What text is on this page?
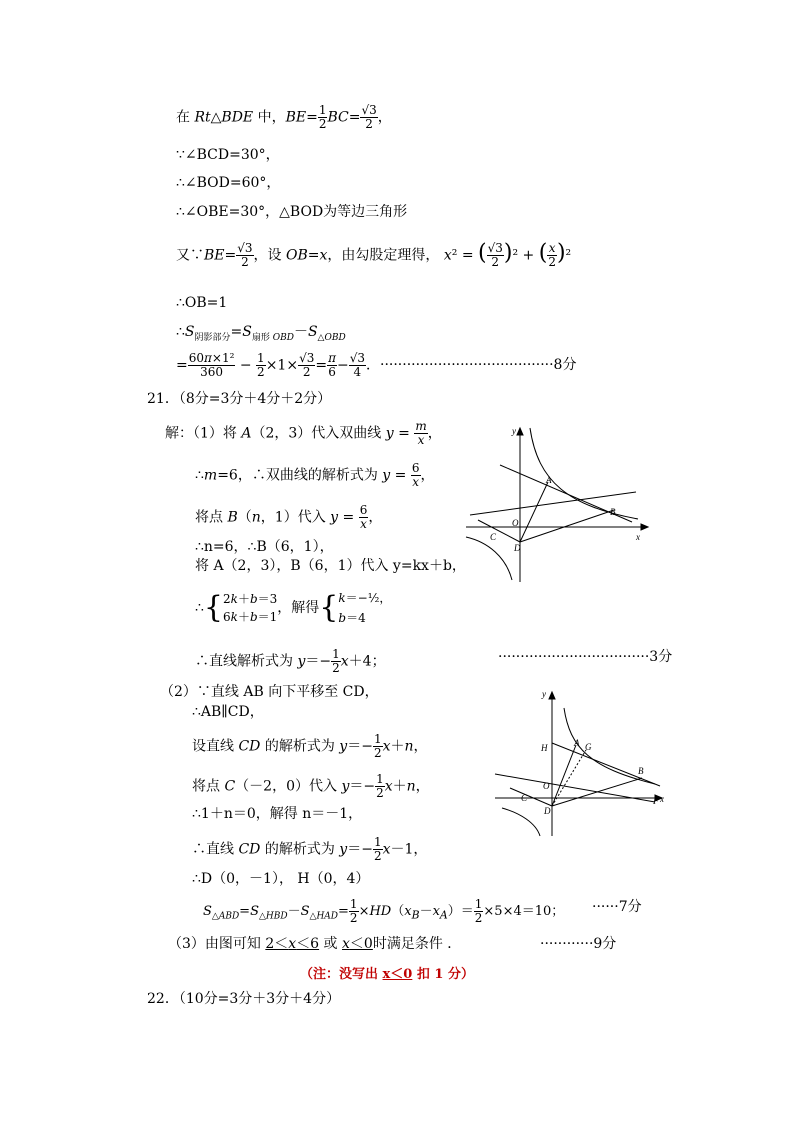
在 Rt△BDE 中，$BE= \frac{1}{2} BC= \frac{√3}{2}$ ，
∵∠BCD=30°，
∴∠BOD=60°，
∴∠OBE=30°，△BOD为等边三角形
又∵BE= $\frac{√3}{2}$ ，设 OB=x，由勾股定理得， x² = ( $\frac{√3}{2} )^2$ + ( $\frac{x}{2} )^2$
∴OB=1
$\therefore S_{阴影部分}=S_{扇形 OBD}-S_{\triangle OBD}$
= $\frac{\text{60π×1²}}{360} - \frac{1}{2} \times 1\times \frac{√3}{2} = \frac{\pi}{6} - \frac{√3}{4}$ ． ·······································8分
21．（8分=3分＋4分＋2分）
解：（1）将 A（2，3）代入双曲线 $y = \frac{m}{x}$ ，
∴m=6，∴双曲线的解析式为 $y = \frac{6}{x}$ ，
将点 B（n，1）代入 $y = \frac{6}{x}$ ，
∴n=6，∴B（6，1），
将 A（2，3），B（6，1）代入 y=kx＋b，
∴{2k＋b＝3
6k＋b＝1，解得{k＝−½，
b＝4
∴直线解析式为 $y=- \frac{1}{2} x+4$；	··································3分
（2）∵直线 AB 向下平移至 CD，
∴AB∥CD，
设直线 CD 的解析式为 $y=- \frac{1}{2} x+n$，
将点 C（－2，0）代入 $y=- \frac{1}{2} x+n$，
∴1＋n＝0，解得 n＝－1，
∴直线 CD 的解析式为 $y=- \frac{1}{2} x-1$，
∴D（0，－1）， H（0，4）
$S_{\triangle ABD}=S_{\triangle HBD}-S_{\triangle HAD}= \frac{1}{2} \times HD(x_B-x_A)= \frac{1}{2} \times 5\times 4=10$； ······7分
（3）由图可知 2＜x＜6 或 x＜0时满足条件 ．	············9分
（注：没写出 x＜0 扣 1 分）
22．（10分=3分＋3分＋4分）
y
x
O
A
B
C
D
y
x
O
A G
H
B
C
D
F
